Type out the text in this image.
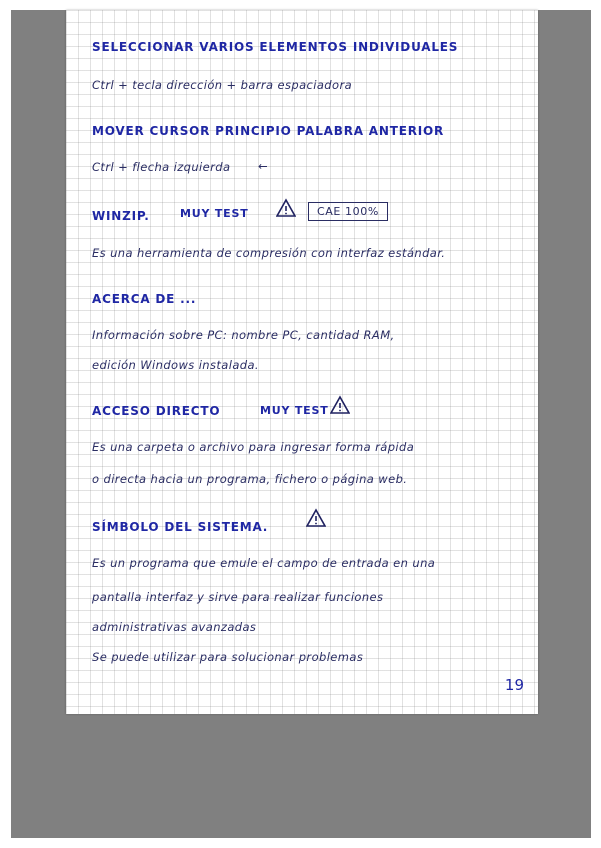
SELECCIONAR VARIOS ELEMENTOS INDIVIDUALES

Ctrl + tecla dirección + barra espaciadora

MOVER CURSOR PRINCIPIO PALABRA ANTERIOR

Ctrl + flecha izquierda ←

WINZIP.	MUY TEST	CAE 100%

Es una herramienta de compresión con interfaz estándar.

ACERCA DE ...

Información sobre PC: nombre PC, cantidad RAM,

edición Windows instalada.

ACCESO DIRECTO	MUY TEST

Es una carpeta o archivo para ingresar forma rápida

o directa hacia un programa, fichero o página web.

SÍMBOLO DEL SISTEMA.

Es un programa que emule el campo de entrada en una

pantalla interfaz y sirve para realizar funciones

administrativas avanzadas

Se puede utilizar para solucionar problemas

19
